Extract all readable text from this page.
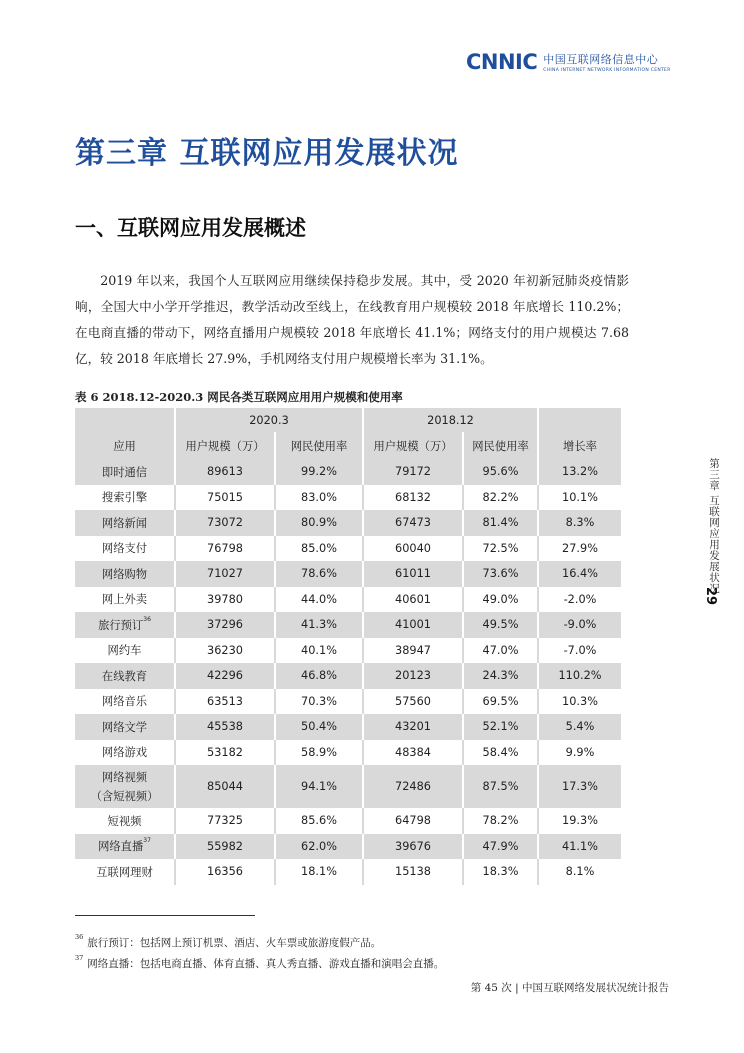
CNNIC 中国互联网络信息中心
CHINA INTERNET NETWORK INFORMATION CENTER
第三章 互联网应用发展状况
一、互联网应用发展概述
2019 年以来，我国个人互联网应用继续保持稳步发展。其中，受 2020 年初新冠肺炎疫情影响，全国大中小学开学推迟，教学活动改至线上，在线教育用户规模较 2018 年底增长 110.2%；在电商直播的带动下，网络直播用户规模较 2018 年底增长 41.1%；网络支付的用户规模达 7.68 亿，较 2018 年底增长 27.9%，手机网络支付用户规模增长率为 31.1%。
表 6 2018.12-2020.3 网民各类互联网应用用户规模和使用率
	2020.3		2018.12		
应用	用户规模（万）	网民使用率	用户规模（万）	网民使用率	增长率
即时通信	89613	99.2%	79172	95.6%	13.2%
搜索引擎	75015	83.0%	68132	82.2%	10.1%
网络新闻	73072	80.9%	67473	81.4%	8.3%
网络支付	76798	85.0%	60040	72.5%	27.9%
网络购物	71027	78.6%	61011	73.6%	16.4%
网上外卖	39780	44.0%	40601	49.0%	-2.0%
旅行预订$^{36}$	37296	41.3%	41001	49.5%	-9.0%
网约车	36230	40.1%	38947	47.0%	-7.0%
在线教育	42296	46.8%	20123	24.3%	110.2%
网络音乐	63513	70.3%	57560	69.5%	10.3%
网络文学	45538	50.4%	43201	52.1%	5.4%
网络游戏	53182	58.9%	48384	58.4%	9.9%
网络视频
（含短视频）	85044	94.1%	72486	87.5%	17.3%
短视频	77325	85.6%	64798	78.2%	19.3%
网络直播$^{37}$	55982	62.0%	39676	47.9%	41.1%
互联网理财	16356	18.1%	15138	18.3%	8.1%
第三章 互联网应用发展状况
29
$^{36}$ 旅行预订：包括网上预订机票、酒店、火车票或旅游度假产品。
$^{37}$ 网络直播：包括电商直播、体育直播、真人秀直播、游戏直播和演唱会直播。
第 45 次 | 中国互联网络发展状况统计报告
